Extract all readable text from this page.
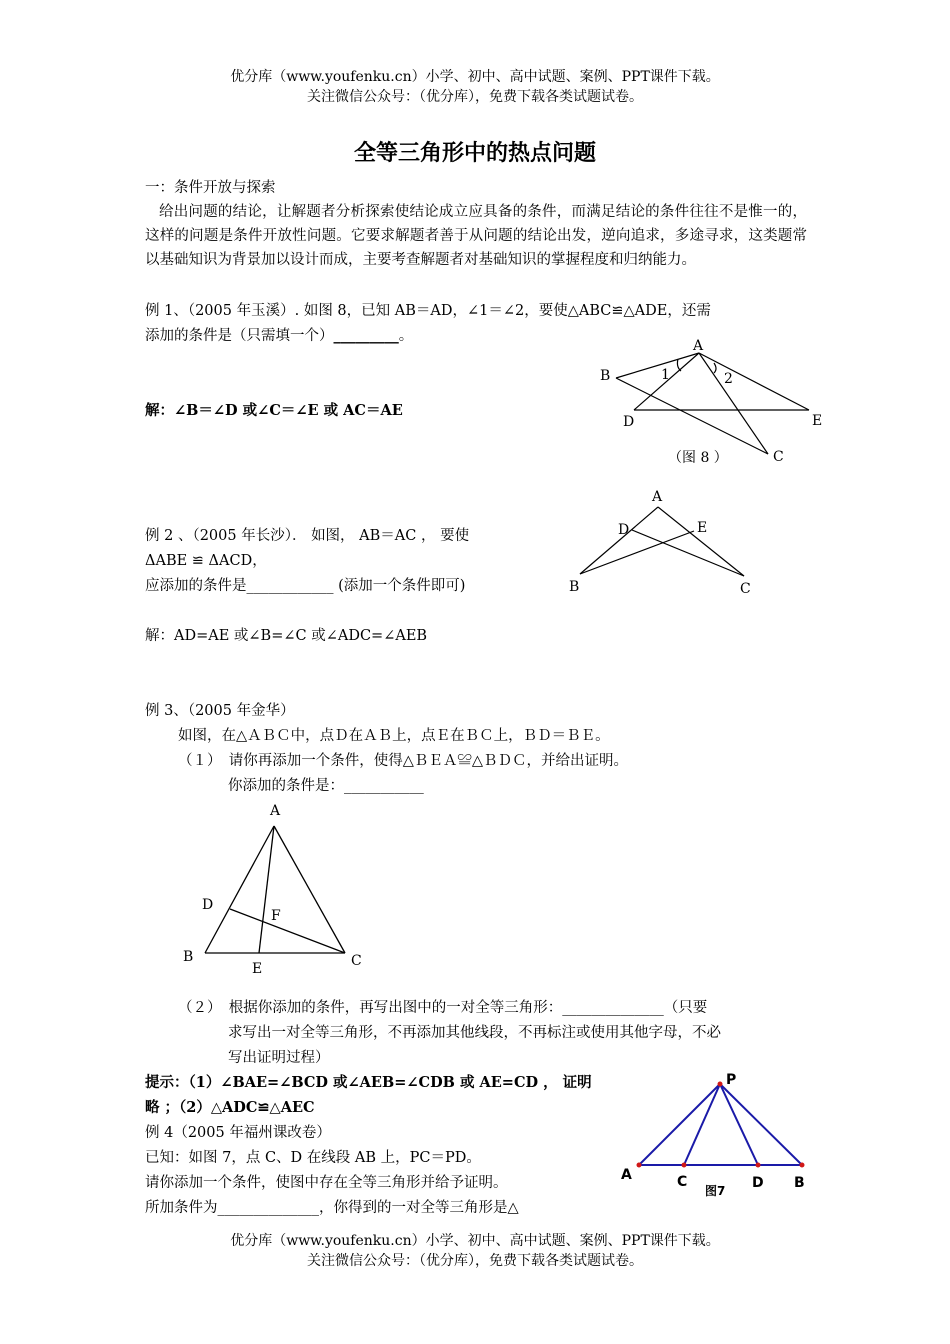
优分库（www.youfenku.cn）小学、初中、高中试题、案例、PPT课件下载。
关注微信公众号：（优分库），免费下载各类试题试卷。
全等三角形中的热点问题
一：条件开放与探索
给出问题的结论，让解题者分析探索使结论成立应具备的条件，而满足结论的条件往往不是惟一的，这样的问题是条件开放性问题。它要求解题者善于从问题的结论出发，逆向追求，多途寻求，这类题常以基础知识为背景加以设计而成，主要考查解题者对基础知识的掌握程度和归纳能力。
例 1、（2005 年玉溪）. 如图 8，已知 AB＝AD，∠1＝∠2，要使△ABC≌△ADE，还需
添加的条件是（只需填一个）_________。
解：∠B＝∠D 或∠C＝∠E 或 AC＝AE
A
B
D	E
C
1	2
（图 8 ）
例 2 、（2005 年长沙）． 如图， AB＝AC ， 要使
ΔABE ≌ ΔACD，
应添加的条件是____________ (添加一个条件即可)
解：AD=AE 或∠B=∠C 或∠ADC=∠AEB
A
D	E
B	C
例 3、（2005 年金华）
如图，在△ＡＢＣ中，点Ｄ在ＡＢ上，点Ｅ在ＢＣ上，ＢＤ＝ＢＥ。
（１）　请你再添加一个条件，使得△ＢＥＡ≌△ＢＤＣ，并给出证明。
你添加的条件是：___________
A
D
F
B
E	C
（２）　根据你添加的条件，再写出图中的一对全等三角形：______________（只要
求写出一对全等三角形，不再添加其他线段，不再标注或使用其他字母，不必
写出证明过程）
提示：（1）∠BAE=∠BCD 或∠AEB=∠CDB 或 AE=CD ， 证明
略 ；（2）△ADC≌△AEC
例 4（2005 年福州课改卷）
已知：如图 7，点 C、D 在线段 AB 上，PC＝PD。
请你添加一个条件，使图中存在全等三角形并给予证明。
所加条件为______________，你得到的一对全等三角形是△
P
A	C	D B
图7
优分库（www.youfenku.cn）小学、初中、高中试题、案例、PPT课件下载。
关注微信公众号：（优分库），免费下载各类试题试卷。
